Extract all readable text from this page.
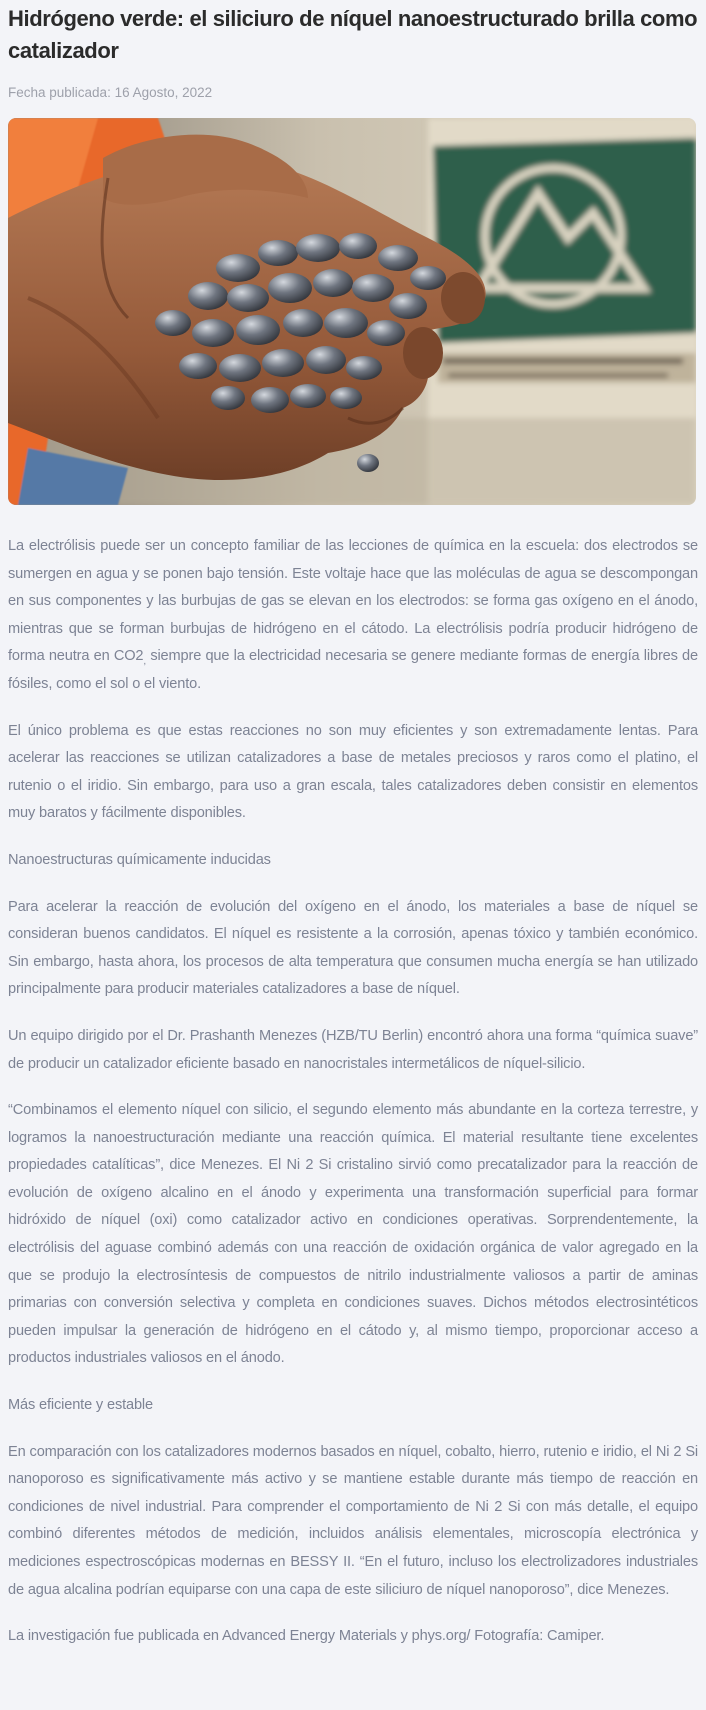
Hidrógeno verde: el siliciuro de níquel nanoestructurado brilla como catalizador
Fecha publicada: 16 Agosto, 2022

La electrólisis puede ser un concepto familiar de las lecciones de química en la escuela: dos electrodos se sumergen en agua y se ponen bajo tensión. Este voltaje hace que las moléculas de agua se descompongan en sus componentes y las burbujas de gas se elevan en los electrodos: se forma gas oxígeno en el ánodo, mientras que se forman burbujas de hidrógeno en el cátodo. La electrólisis podría producir hidrógeno de forma neutra en $CO2_,$ siempre que la electricidad necesaria se genere mediante formas de energía libres de fósiles, como el sol o el viento.

El único problema es que estas reacciones no son muy eficientes y son extremadamente lentas. Para acelerar las reacciones se utilizan catalizadores a base de metales preciosos y raros como el platino, el rutenio o el iridio. Sin embargo, para uso a gran escala, tales catalizadores deben consistir en elementos muy baratos y fácilmente disponibles.

Nanoestructuras químicamente inducidas

Para acelerar la reacción de evolución del oxígeno en el ánodo, los materiales a base de níquel se consideran buenos candidatos. El níquel es resistente a la corrosión, apenas tóxico y también económico. Sin embargo, hasta ahora, los procesos de alta temperatura que consumen mucha energía se han utilizado principalmente para producir materiales catalizadores a base de níquel.

Un equipo dirigido por el Dr. Prashanth Menezes (HZB/TU Berlin) encontró ahora una forma “química suave” de producir un catalizador eficiente basado en nanocristales intermetálicos de níquel-silicio.

“Combinamos el elemento níquel con silicio, el segundo elemento más abundante en la corteza terrestre, y logramos la nanoestructuración mediante una reacción química. El material resultante tiene excelentes propiedades catalíticas”, dice Menezes. El Ni 2 Si cristalino sirvió como precatalizador para la reacción de evolución de oxígeno alcalino en el ánodo y experimenta una transformación superficial para formar hidróxido de níquel (oxi) como catalizador activo en condiciones operativas. Sorprendentemente, la electrólisis del aguase combinó además con una reacción de oxidación orgánica de valor agregado en la que se produjo la electrosíntesis de compuestos de nitrilo industrialmente valiosos a partir de aminas primarias con conversión selectiva y completa en condiciones suaves. Dichos métodos electrosintéticos pueden impulsar la generación de hidrógeno en el cátodo y, al mismo tiempo, proporcionar acceso a productos industriales valiosos en el ánodo.

Más eficiente y estable

En comparación con los catalizadores modernos basados en níquel, cobalto, hierro, rutenio e iridio, el Ni 2 Si nanoporoso es significativamente más activo y se mantiene estable durante más tiempo de reacción en condiciones de nivel industrial. Para comprender el comportamiento de Ni 2 Si con más detalle, el equipo combinó diferentes métodos de medición, incluidos análisis elementales, microscopía electrónica y mediciones espectroscópicas modernas en BESSY II. “En el futuro, incluso los electrolizadores industriales de agua alcalina podrían equiparse con una capa de este siliciuro de níquel nanoporoso”, dice Menezes.

La investigación fue publicada en Advanced Energy Materials y phys.org/ Fotografía: Camiper.
